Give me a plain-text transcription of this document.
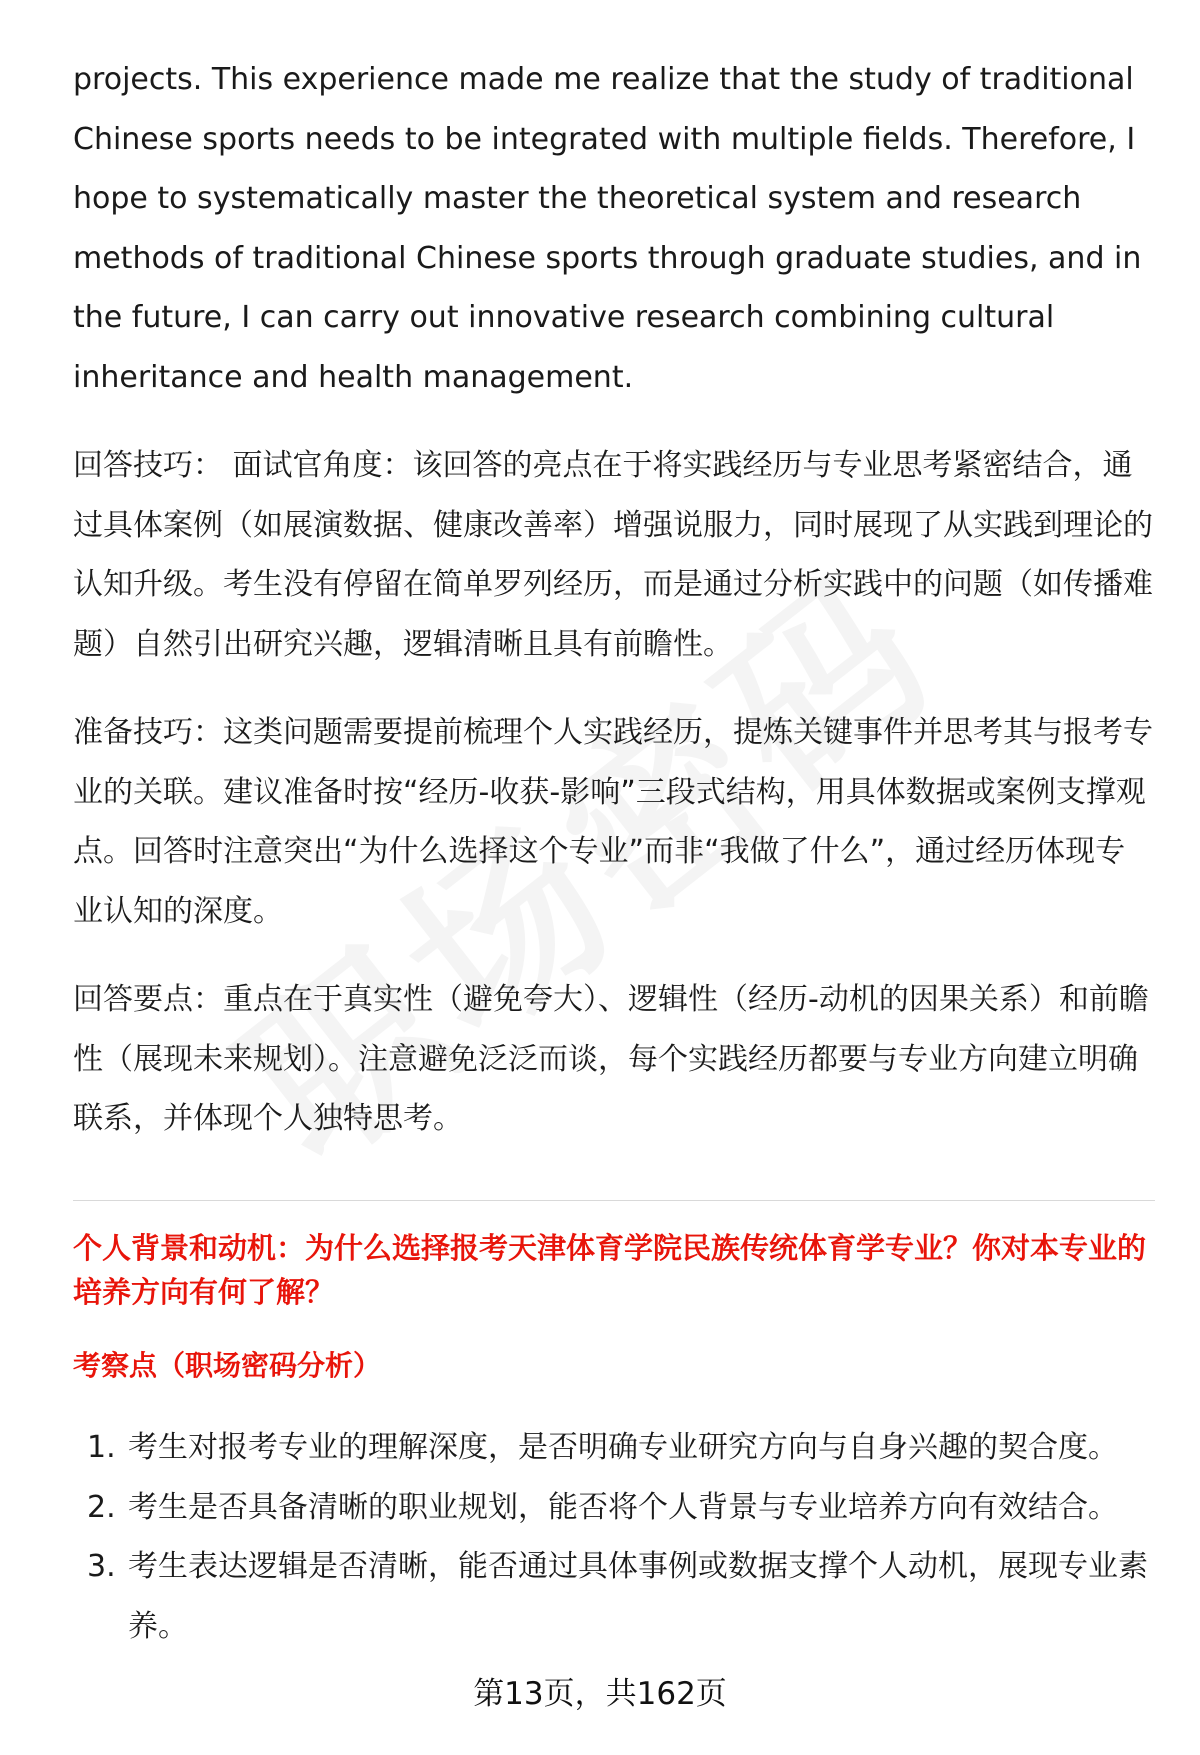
projects. This experience made me realize that the study of traditional Chinese sports needs to be integrated with multiple fields. Therefore, I hope to systematically master the theoretical system and research methods of traditional Chinese sports through graduate studies, and in the future, I can carry out innovative research combining cultural inheritance and health management.

回答技巧： 面试官角度：该回答的亮点在于将实践经历与专业思考紧密结合，通过具体案例（如展演数据、健康改善率）增强说服力，同时展现了从实践到理论的认知升级。考生没有停留在简单罗列经历，而是通过分析实践中的问题（如传播难题）自然引出研究兴趣，逻辑清晰且具有前瞻性。

准备技巧：这类问题需要提前梳理个人实践经历，提炼关键事件并思考其与报考专业的关联。建议准备时按“经历-收获-影响”三段式结构，用具体数据或案例支撑观点。回答时注意突出“为什么选择这个专业”而非“我做了什么”，通过经历体现专业认知的深度。

回答要点：重点在于真实性（避免夸大）、逻辑性（经历-动机的因果关系）和前瞻性（展现未来规划）。注意避免泛泛而谈，每个实践经历都要与专业方向建立明确联系，并体现个人独特思考。

个人背景和动机：为什么选择报考天津体育学院民族传统体育学专业？你对本专业的培养方向有何了解？
考察点（职场密码分析）
1. 考生对报考专业的理解深度，是否明确专业研究方向与自身兴趣的契合度。
2. 考生是否具备清晰的职业规划，能否将个人背景与专业培养方向有效结合。
3. 考生表达逻辑是否清晰，能否通过具体事例或数据支撑个人动机，展现专业素养。
第13页，共162页
